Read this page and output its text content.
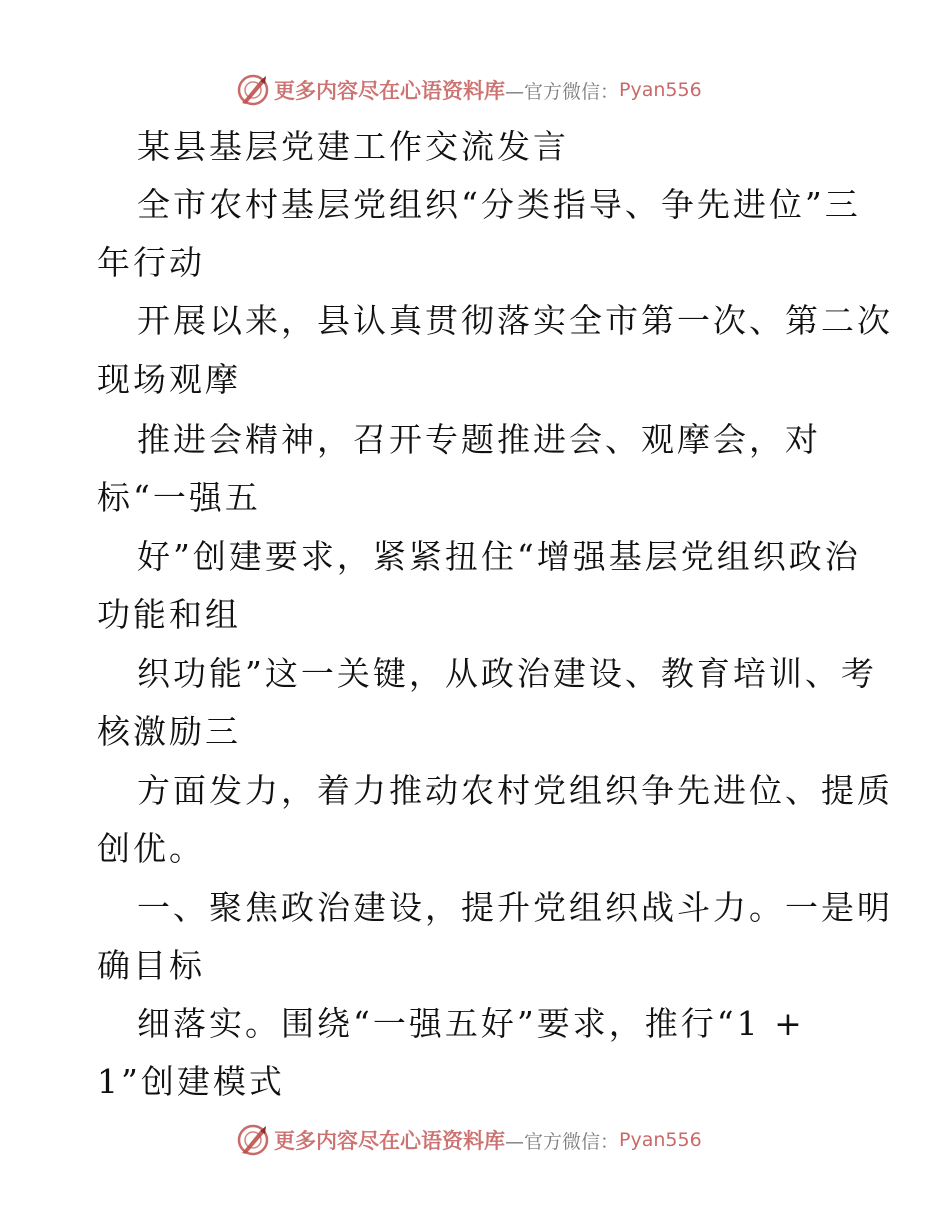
更多内容尽在心语资料库 —官方微信： Pyan556
某县基层党建工作交流发言
全市农村基层党组织“分类指导、争先进位”三
年行动
开展以来，县认真贯彻落实全市第一次、第二次
现场观摩
推进会精神，召开专题推进会、观摩会，对
标“一强五
好”创建要求，紧紧扭住“增强基层党组织政治
功能和组
织功能”这一关键，从政治建设、教育培训、考
核激励三
方面发力，着力推动农村党组织争先进位、提质
创优。
一、聚焦政治建设，提升党组织战斗力。一是明
确目标
细落实。围绕“一强五好”要求，推行“1 +
1”创建模式
更多内容尽在心语资料库 —官方微信： Pyan556
